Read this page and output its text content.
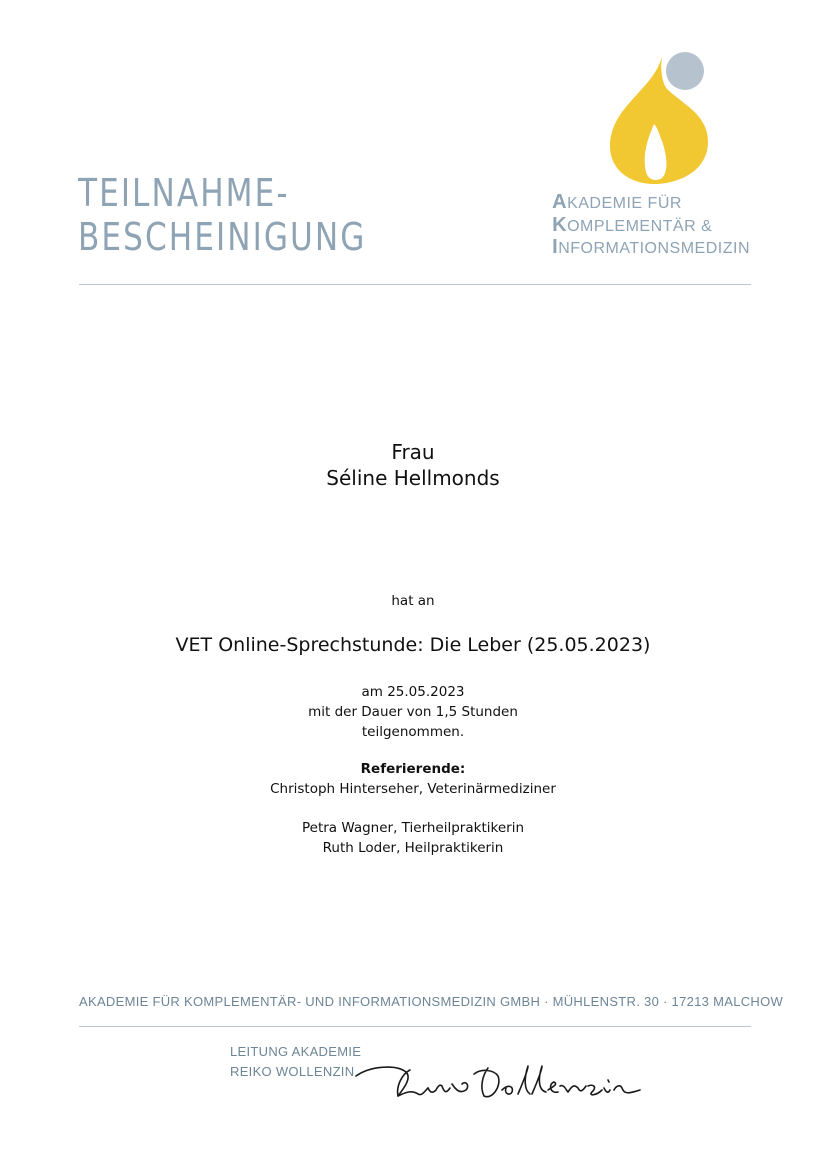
TEILNAHME-
BESCHEINIGUNG
AKADEMIE FÜR
KOMPLEMENTÄR &
INFORMATIONSMEDIZIN
Frau
Séline Hellmonds
hat an
VET Online-Sprechstunde: Die Leber (25.05.2023)
am 25.05.2023
mit der Dauer von 1,5 Stunden
teilgenommen.
Referierende:
Christoph Hinterseher, Veterinärmediziner
Petra Wagner, Tierheilpraktikerin
Ruth Loder, Heilpraktikerin
AKADEMIE FÜR KOMPLEMENTÄR- UND INFORMATIONSMEDIZIN GMBH · MÜHLENSTR. 30 · 17213 MALCHOW
LEITUNG AKADEMIE
REIKO WOLLENZIN
